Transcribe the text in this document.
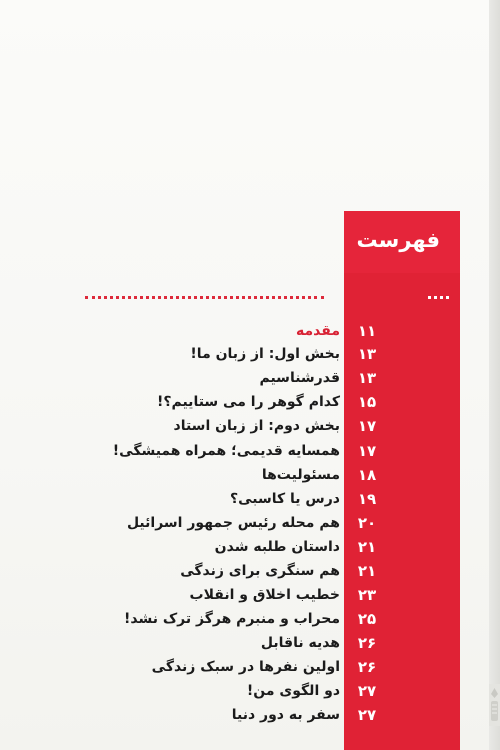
فهرست
۱۱
مقدمه
۱۳
بخش اول: از زبان ما!
۱۳
قدرشناسیم
۱۵
کدام گوهر را می ستاییم؟!
۱۷
بخش دوم: از زبان استاد
۱۷
همسایه قدیمی؛ همراه همیشگی!
۱۸
مسئولیت‌ها
۱۹
درس یا کاسبی؟
۲۰
هم محله رئیس جمهور اسرائیل
۲۱
داستان طلبه شدن
۲۱
هم سنگری برای زندگی
۲۳
خطیب اخلاق و انقلاب
۲۵
محراب و منبرم هرگز ترک نشد!
۲۶
هدیه ناقابل
۲۶
اولین نفرها در سبک زندگی
۲۷
دو الگوی من!
۲۷
سفر به دور دنیا
